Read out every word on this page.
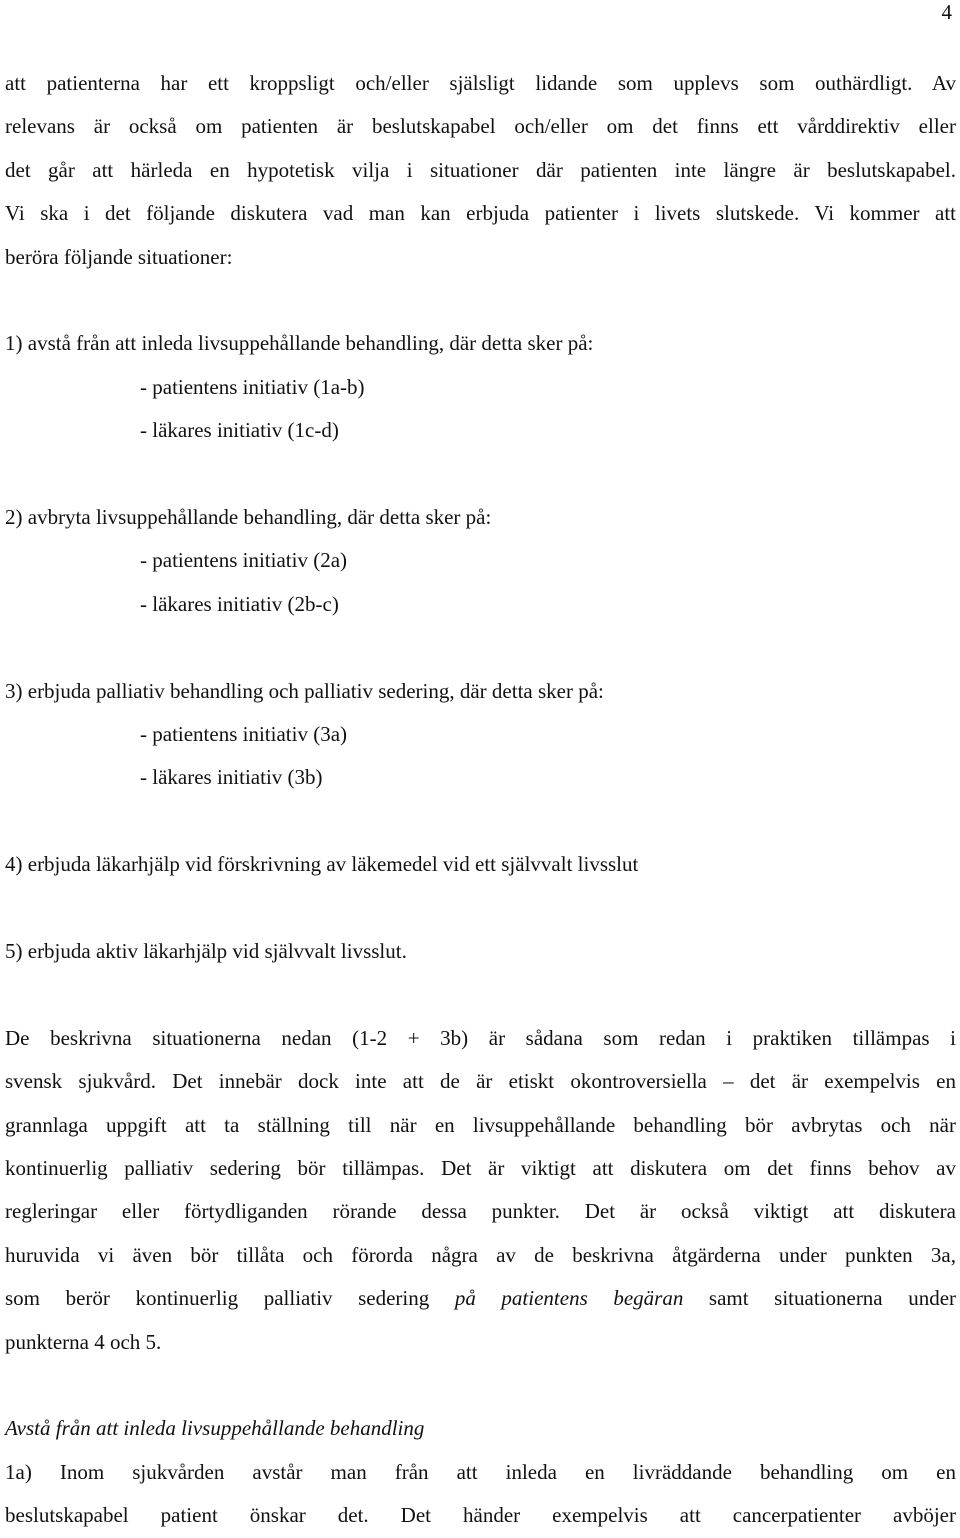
4
att patienterna har ett kroppsligt och/eller själsligt lidande som upplevs som outhärdligt. Av
relevans är också om patienten är beslutskapabel och/eller om det finns ett vårddirektiv eller
det går att härleda en hypotetisk vilja i situationer där patienten inte längre är beslutskapabel.
Vi ska i det följande diskutera vad man kan erbjuda patienter i livets slutskede. Vi kommer att
beröra följande situationer:
1) avstå från att inleda livsuppehållande behandling, där detta sker på:
- patientens initiativ (1a-b)
- läkares initiativ (1c-d)
2) avbryta livsuppehållande behandling, där detta sker på:
- patientens initiativ (2a)
- läkares initiativ (2b-c)
3) erbjuda palliativ behandling och palliativ sedering, där detta sker på:
- patientens initiativ (3a)
- läkares initiativ (3b)
4) erbjuda läkarhjälp vid förskrivning av läkemedel vid ett självvalt livsslut
5) erbjuda aktiv läkarhjälp vid självvalt livsslut.
De beskrivna situationerna nedan (1-2 + 3b) är sådana som redan i praktiken tillämpas i
svensk sjukvård. Det innebär dock inte att de är etiskt okontroversiella – det är exempelvis en
grannlaga uppgift att ta ställning till när en livsuppehållande behandling bör avbrytas och när
kontinuerlig palliativ sedering bör tillämpas. Det är viktigt att diskutera om det finns behov av
regleringar eller förtydliganden rörande dessa punkter. Det är också viktigt att diskutera
huruvida vi även bör tillåta och förorda några av de beskrivna åtgärderna under punkten 3a,
som berör kontinuerlig palliativ sedering på patientens begäran samt situationerna under
punkterna 4 och 5.
Avstå från att inleda livsuppehållande behandling
1a) Inom sjukvården avstår man från att inleda en livräddande behandling om en
beslutskapabel patient önskar det. Det händer exempelvis att cancerpatienter avböjer
